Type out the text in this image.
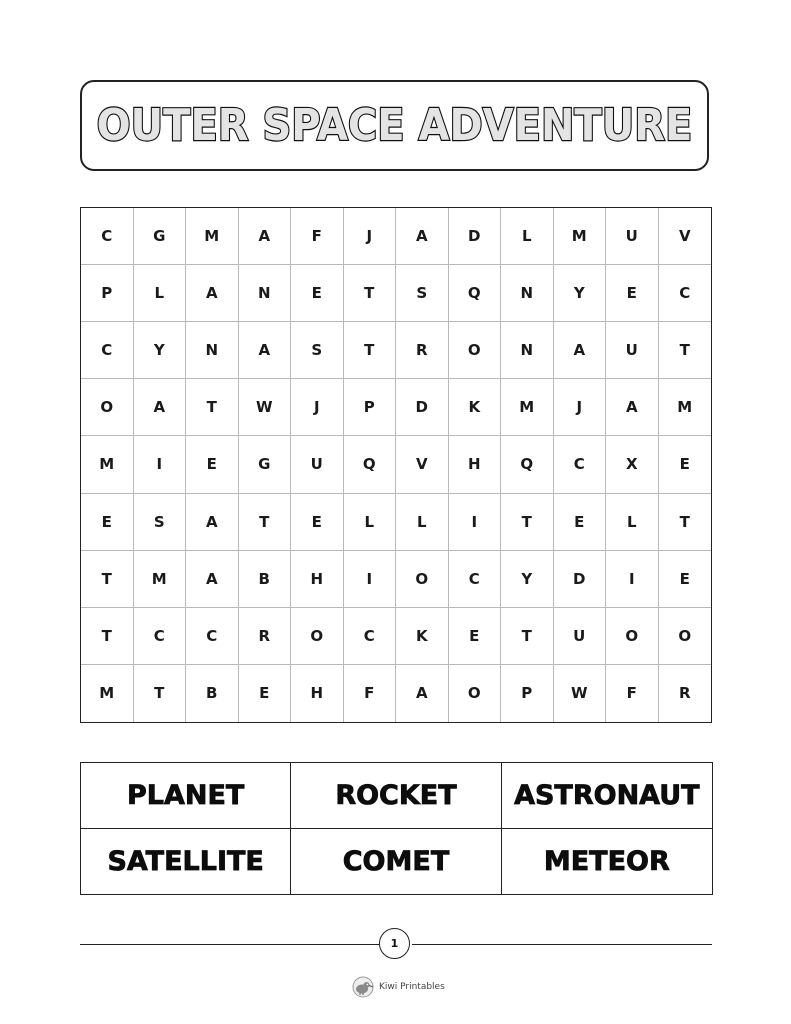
OUTER SPACE ADVENTURE
C	G	M	A	F	J	A	D	L	M	U	V
P	L	A	N	E	T	S	Q	N	Y	E	C
C	Y	N	A	S	T	R	O	N	A	U	T
O	A	T	W	J	P	D	K	M	J	A	M
M	I	E	G	U	Q	V	H	Q	C	X	E
E	S	A	T	E	L	L	I	T	E	L	T
T	M	A	B	H	I	O	C	Y	D	I	E
T	C	C	R	O	C	K	E	T	U	O	O
M	T	B	E	H	F	A	O	P	W	F	R
PLANET	ROCKET	ASTRONAUT
SATELLITE	COMET	METEOR
1
Kiwi Printables
